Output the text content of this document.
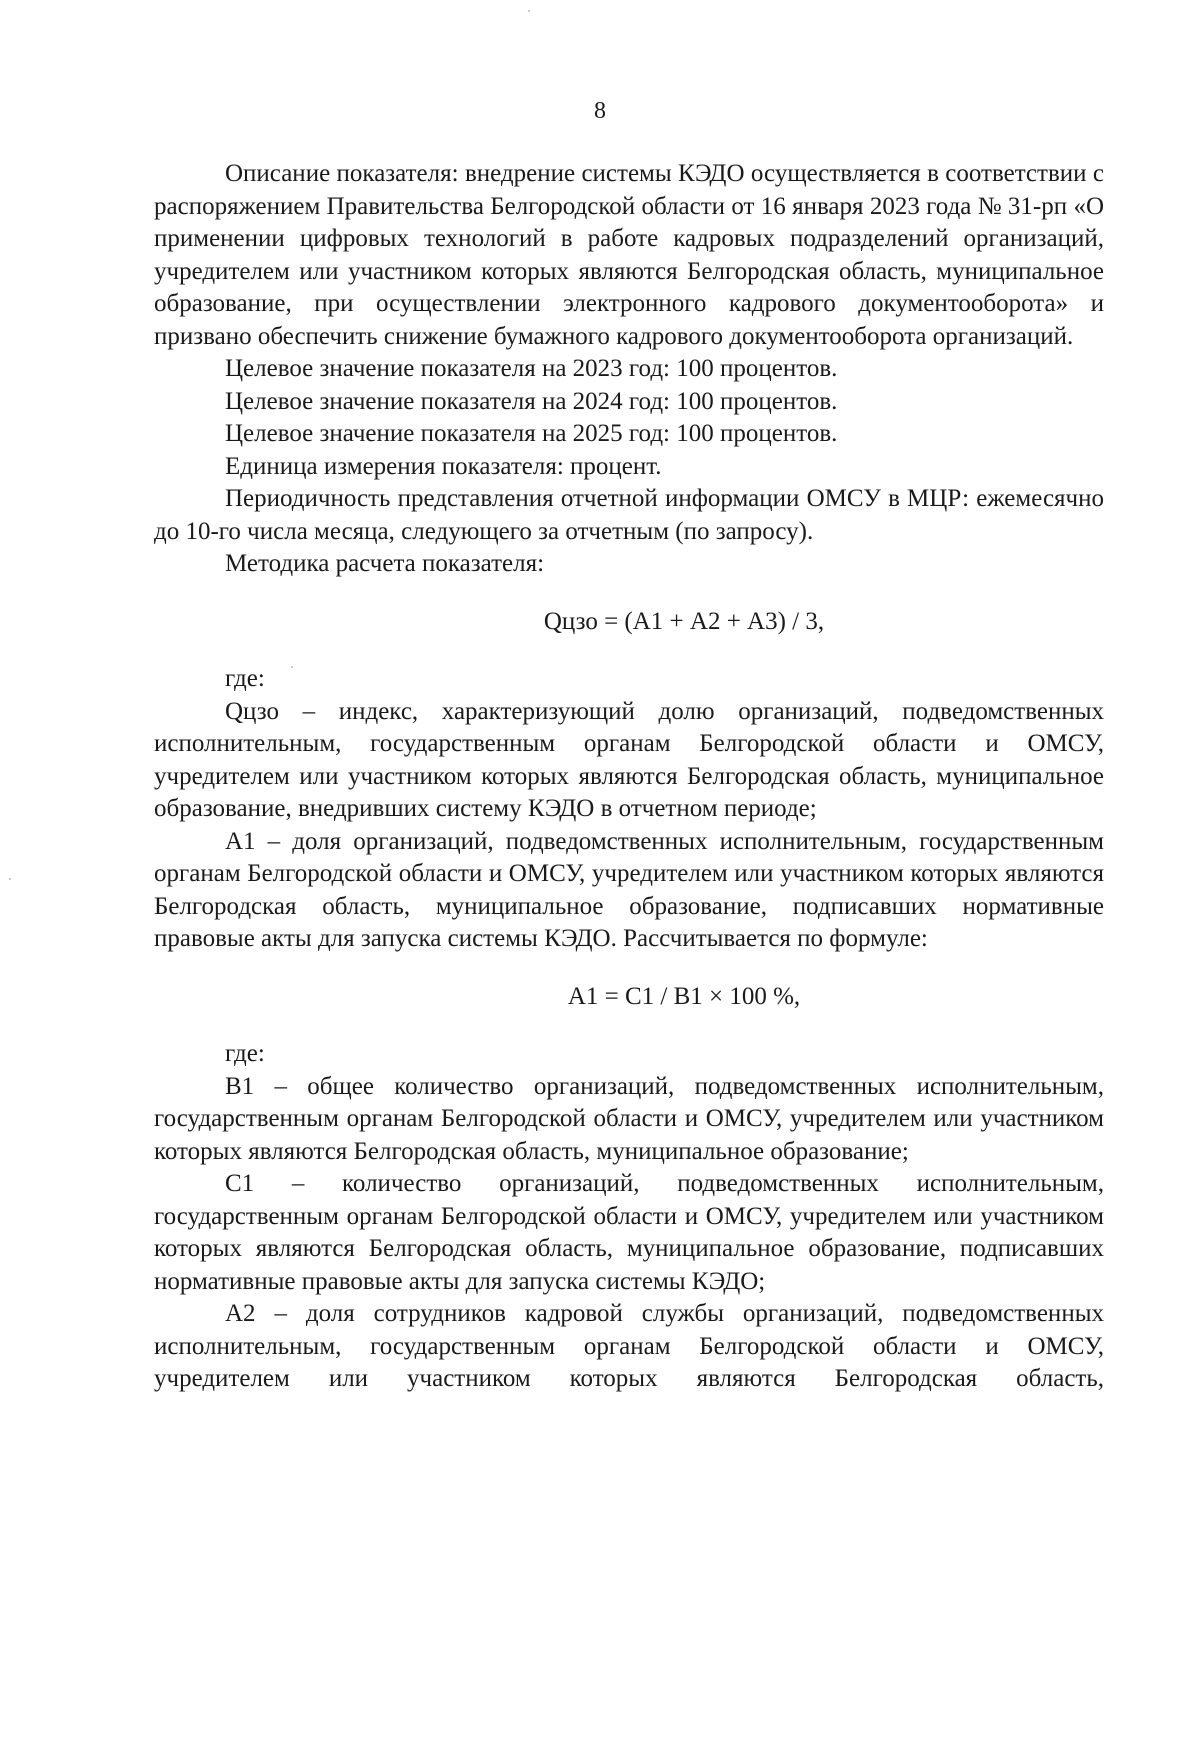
8

Описание показателя: внедрение системы КЭДО осуществляется в соответствии с распоряжением Правительства Белгородской области от 16 января 2023 года № 31-рп «О применении цифровых технологий в работе кадровых подразделений организаций, учредителем или участником которых являются Белгородская область, муниципальное образование, при осуществлении электронного кадрового документооборота» и призвано обеспечить снижение бумажного кадрового документооборота организаций.

Целевое значение показателя на 2023 год: 100 процентов.

Целевое значение показателя на 2024 год: 100 процентов.

Целевое значение показателя на 2025 год: 100 процентов.

Единица измерения показателя: процент.

Периодичность представления отчетной информации ОМСУ в МЦР: ежемесячно до 10-го числа месяца, следующего за отчетным (по запросу).

Методика расчета показателя:

Qцзо = (А1 + А2 + А3) / 3,

где:

Qцзо – индекс, характеризующий долю организаций, подведомственных исполнительным, государственным органам Белгородской области и ОМСУ, учредителем или участником которых являются Белгородская область, муниципальное образование, внедривших систему КЭДО в отчетном периоде;

А1 – доля организаций, подведомственных исполнительным, государственным органам Белгородской области и ОМСУ, учредителем или участником которых являются Белгородская область, муниципальное образование, подписавших нормативные правовые акты для запуска системы КЭДО. Рассчитывается по формуле:

А1 = С1 / В1 × 100 %,

где:

В1 – общее количество организаций, подведомственных исполнительным, государственным органам Белгородской области и ОМСУ, учредителем или участником которых являются Белгородская область, муниципальное образование;

С1 – количество организаций, подведомственных исполнительным, государственным органам Белгородской области и ОМСУ, учредителем или участником которых являются Белгородская область, муниципальное образование, подписавших нормативные правовые акты для запуска системы КЭДО;

А2 – доля сотрудников кадровой службы организаций, подведомственных исполнительным, государственным органам Белгородской области и ОМСУ, учредителем или участником которых являются Белгородская область,
